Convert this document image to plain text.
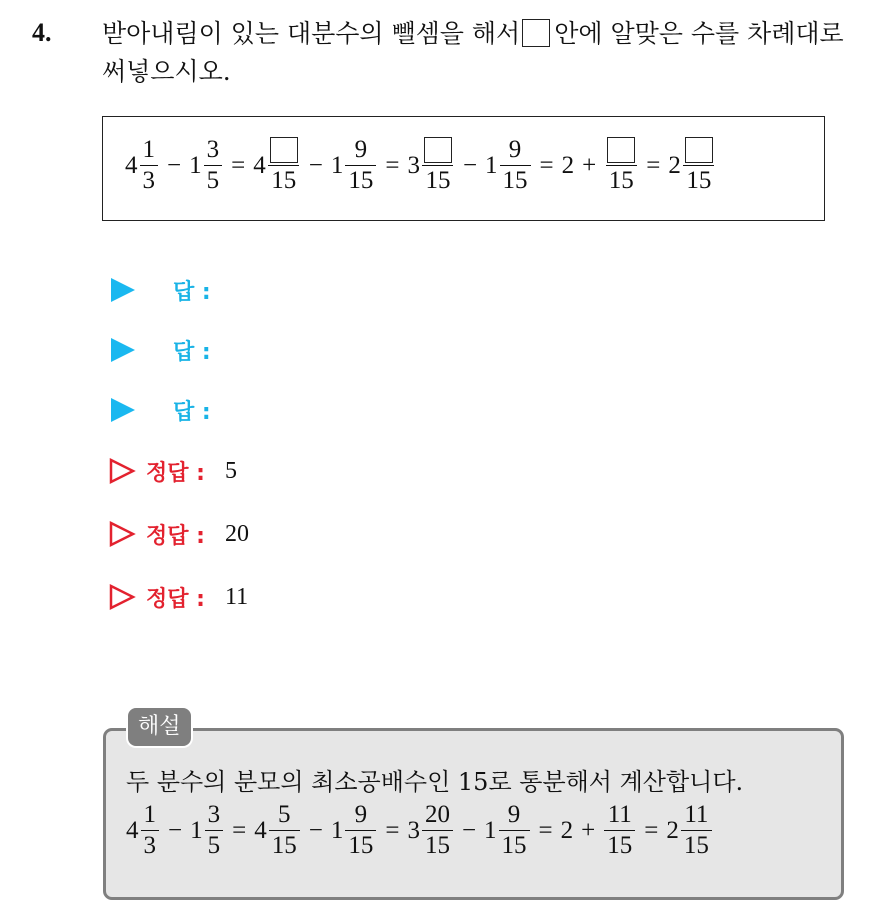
4. 받아내림이 있는 대분수의 뺄셈을 해서 안에 알맞은 수를 차례대로 써넣으시오.
$4 \frac{1}{3} - 1 \frac{3}{5} = 4$
15
− $1 \frac{9}{15} = 3$
15
− $1 \frac{9}{15} = 2$ +
15
= 2
15
답 :
답 :
답 :
정답 : 5
정답 : 20
정답 : 11
해설
두 분수의 분모의 최소공배수인 15로 통분해서 계산합니다.
$4 \frac{1}{3} - 1 \frac{3}{5} = 4 \frac{5}{15} - 1 \frac{9}{15} = 3 \frac{20}{15} - 1 \frac{9}{15} = 2 + \frac{11}{15} = 2 \frac{11}{15}$
